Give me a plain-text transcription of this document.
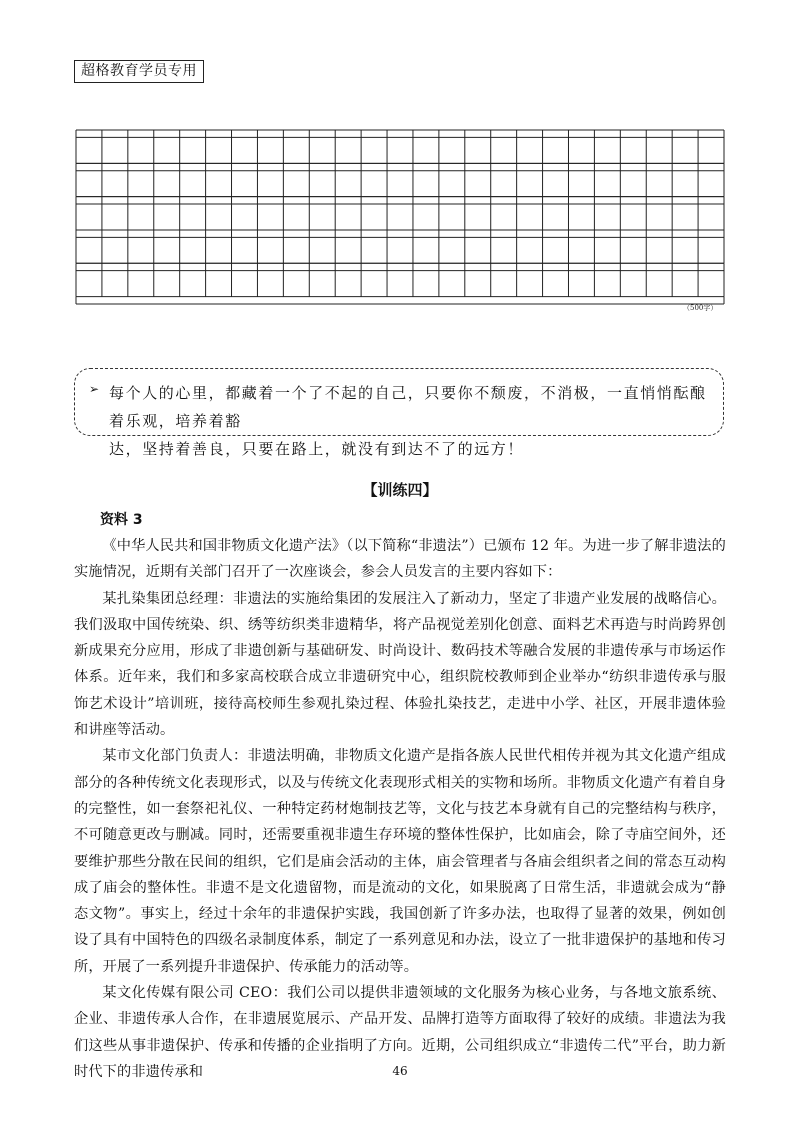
超格教育学员专用
（500字）
➢ 每个人的心里，都藏着一个了不起的自己，只要你不颓废，不消极，一直悄悄酝酿着乐观，培养着豁
达，坚持着善良，只要在路上，就没有到达不了的远方！
【训练四】
资料 3

《中华人民共和国非物质文化遗产法》（以下简称“非遗法”）已颁布 12 年。为进一步了解非遗法的实施情况，近期有关部门召开了一次座谈会，参会人员发言的主要内容如下：

某扎染集团总经理：非遗法的实施给集团的发展注入了新动力，坚定了非遗产业发展的战略信心。我们汲取中国传统染、织、绣等纺织类非遗精华，将产品视觉差别化创意、面料艺术再造与时尚跨界创新成果充分应用，形成了非遗创新与基础研发、时尚设计、数码技术等融合发展的非遗传承与市场运作体系。近年来，我们和多家高校联合成立非遗研究中心，组织院校教师到企业举办“纺织非遗传承与服饰艺术设计”培训班，接待高校师生参观扎染过程、体验扎染技艺，走进中小学、社区，开展非遗体验和讲座等活动。

某市文化部门负责人：非遗法明确，非物质文化遗产是指各族人民世代相传并视为其文化遗产组成部分的各种传统文化表现形式，以及与传统文化表现形式相关的实物和场所。非物质文化遗产有着自身的完整性，如一套祭祀礼仪、一种特定药材炮制技艺等，文化与技艺本身就有自己的完整结构与秩序，不可随意更改与删减。同时，还需要重视非遗生存环境的整体性保护，比如庙会，除了寺庙空间外，还要维护那些分散在民间的组织，它们是庙会活动的主体，庙会管理者与各庙会组织者之间的常态互动构成了庙会的整体性。非遗不是文化遗留物，而是流动的文化，如果脱离了日常生活，非遗就会成为“静态文物”。事实上，经过十余年的非遗保护实践，我国创新了许多办法，也取得了显著的效果，例如创设了具有中国特色的四级名录制度体系，制定了一系列意见和办法，设立了一批非遗保护的基地和传习所，开展了一系列提升非遗保护、传承能力的活动等。

某文化传媒有限公司 CEO：我们公司以提供非遗领域的文化服务为核心业务，与各地文旅系统、企业、非遗传承人合作，在非遗展览展示、产品开发、品牌打造等方面取得了较好的成绩。非遗法为我们这些从事非遗保护、传承和传播的企业指明了方向。近期，公司组织成立“非遗传二代”平台，助力新时代下的非遗传承和	46
